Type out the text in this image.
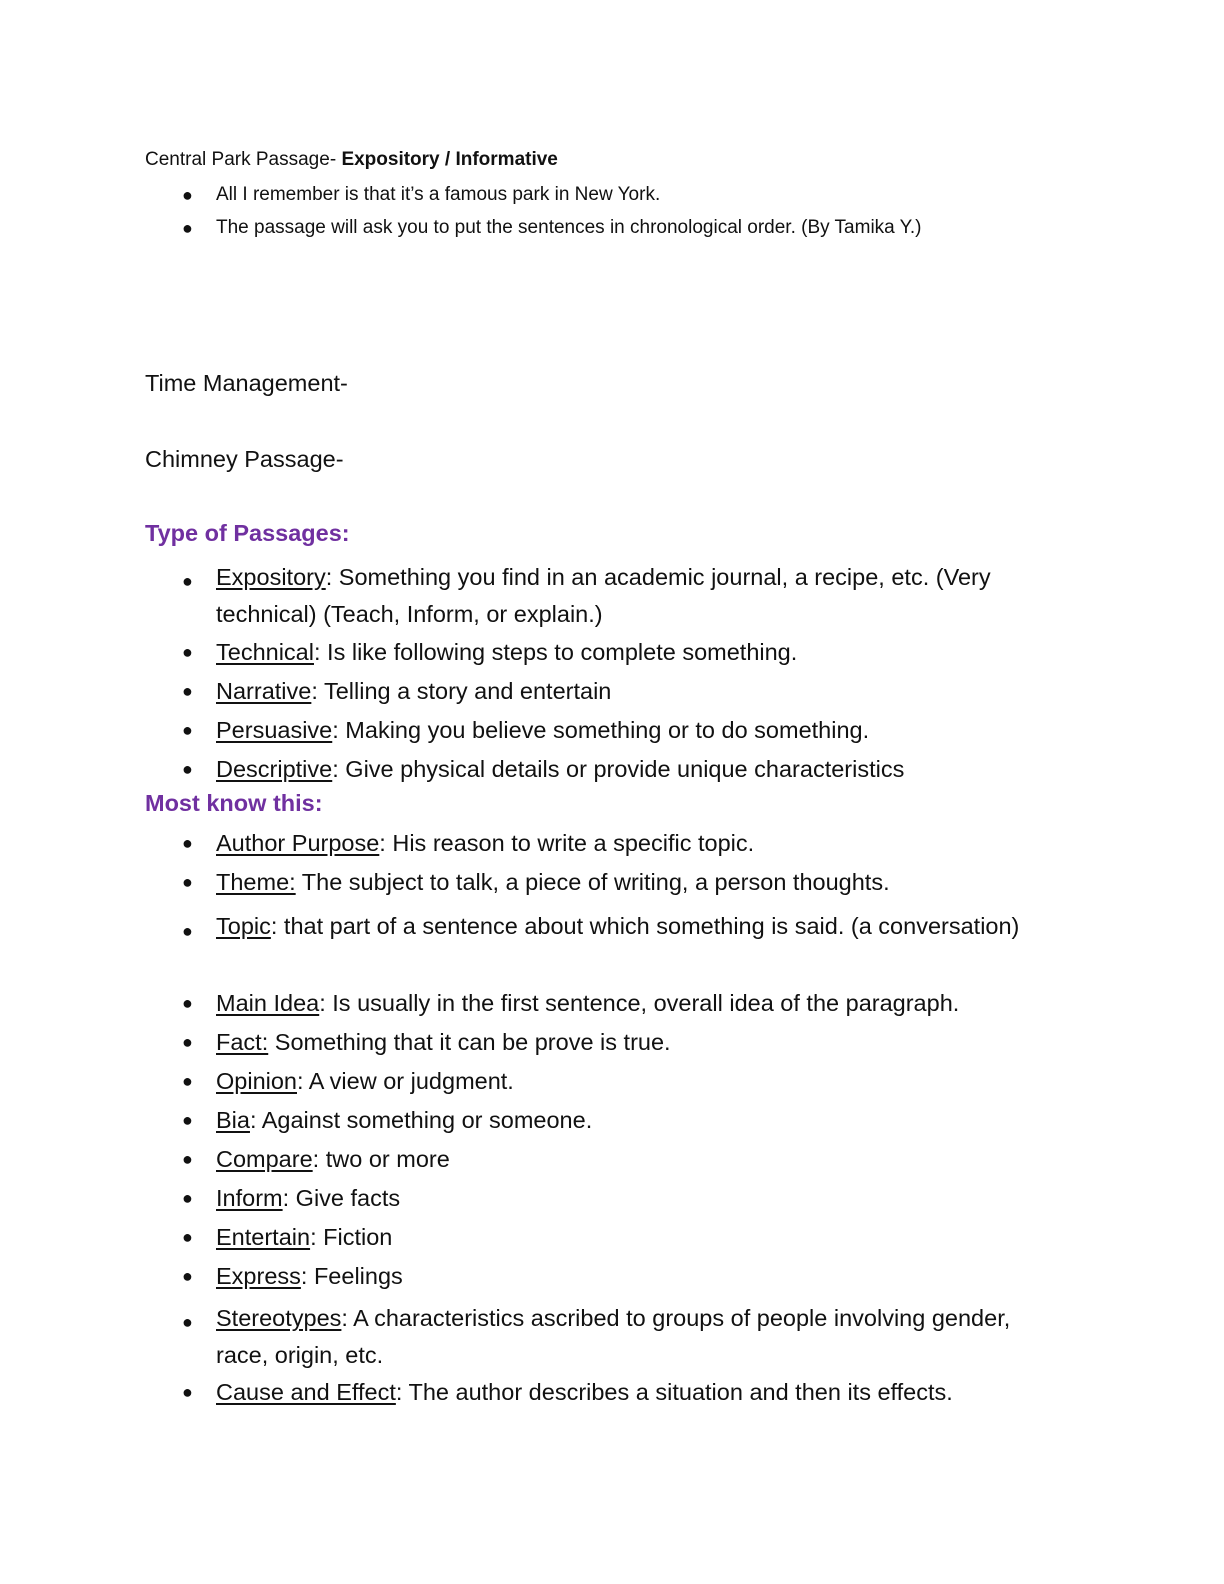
Central Park Passage- Expository / Informative
● All I remember is that it’s a famous park in New York.
● The passage will ask you to put the sentences in chronological order. (By Tamika Y.)
Time Management-
Chimney Passage-
Type of Passages:
● Expository: Something you find in an academic journal, a recipe, etc. (Very technical) (Teach, Inform, or explain.)
● Technical: Is like following steps to complete something.
● Narrative: Telling a story and entertain
● Persuasive: Making you believe something or to do something.
● Descriptive: Give physical details or provide unique characteristics
Most know this:
● Author Purpose: His reason to write a specific topic.
● Theme: The subject to talk, a piece of writing, a person thoughts.
● Topic: that part of a sentence about which something is said. (a conversation)
● Main Idea: Is usually in the first sentence, overall idea of the paragraph.
● Fact: Something that it can be prove is true.
● Opinion: A view or judgment.
● Bia: Against something or someone.
● Compare: two or more
● Inform: Give facts
● Entertain: Fiction
● Express: Feelings
● Stereotypes: A characteristics ascribed to groups of people involving gender, race, origin, etc.
● Cause and Effect: The author describes a situation and then its effects.
